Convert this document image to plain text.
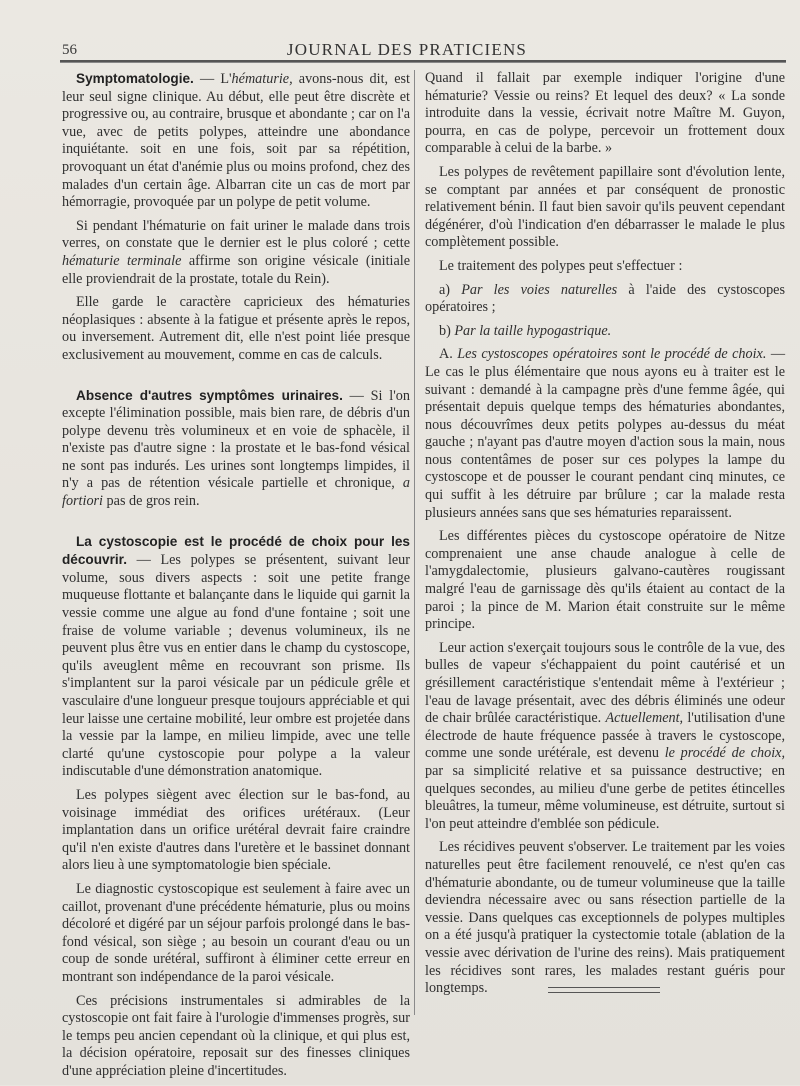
56	JOURNAL DES PRATICIENS

Symptomatologie. — L'hématurie, avons-nous dit, est leur seul signe clinique. Au début, elle peut être discrète et progressive ou, au contraire, brusque et abondante ; car on l'a vue, avec de petits polypes, atteindre une abondance inquiétante. soit en une fois, soit par sa répétition, provoquant un état d'anémie plus ou moins profond, chez des malades d'un certain âge. Albarran cite un cas de mort par hémorragie, provoquée par un polype de petit volume.

Si pendant l'hématurie on fait uriner le malade dans trois verres, on constate que le dernier est le plus coloré ; cette hématurie terminale affirme son origine vésicale (initiale elle proviendrait de la prostate, totale du Rein).

Elle garde le caractère capricieux des hématuries néoplasiques : absente à la fatigue et présente après le repos, ou inversement. Autrement dit, elle n'est point liée presque exclusivement au mouvement, comme en cas de calculs.

Absence d'autres symptômes urinaires. — Si l'on excepte l'élimination possible, mais bien rare, de débris d'un polype devenu très volumineux et en voie de sphacèle, il n'existe pas d'autre signe : la prostate et le bas-fond vésical ne sont pas indurés. Les urines sont longtemps limpides, il n'y a pas de rétention vésicale partielle et chronique, a fortiori pas de gros rein.

La cystoscopie est le procédé de choix pour les découvrir. — Les polypes se présentent, suivant leur volume, sous divers aspects : soit une petite frange muqueuse flottante et balançante dans le liquide qui garnit la vessie comme une algue au fond d'une fontaine ; soit une fraise de volume variable ; devenus volumineux, ils ne peuvent plus être vus en entier dans le champ du cystoscope, qu'ils aveuglent même en recouvrant son prisme. Ils s'implantent sur la paroi vésicale par un pédicule grêle et vasculaire d'une longueur presque toujours appréciable et qui leur laisse une certaine mobilité, leur ombre est projetée dans la vessie par la lampe, en milieu limpide, avec une telle clarté qu'une cystoscopie pour polype a la valeur indiscutable d'une démonstration anatomique.

Les polypes siègent avec élection sur le bas-fond, au voisinage immédiat des orifices urétéraux. (Leur implantation dans un orifice urétéral devrait faire craindre qu'il n'en existe d'autres dans l'uretère et le bassinet donnant alors lieu à une symptomatologie bien spéciale.

Le diagnostic cystoscopique est seulement à faire avec un caillot, provenant d'une précédente hématurie, plus ou moins décoloré et digéré par un séjour parfois prolongé dans le bas-fond vésical, son siège ; au besoin un courant d'eau ou un coup de sonde urétéral, suffiront à éliminer cette erreur en montrant son indépendance de la paroi vésicale.

Ces précisions instrumentales si admirables de la cystoscopie ont fait faire à l'urologie d'immenses progrès, sur le temps peu ancien cependant où la clinique, et qui plus est, la décision opératoire, reposait sur des finesses cliniques d'une appréciation pleine d'incertitudes.

Quand il fallait par exemple indiquer l'origine d'une hématurie? Vessie ou reins? Et lequel des deux? « La sonde introduite dans la vessie, écrivait notre Maître M. Guyon, pourra, en cas de polype, percevoir un frottement doux comparable à celui de la barbe. »

Les polypes de revêtement papillaire sont d'évolution lente, se comptant par années et par conséquent de pronostic relativement bénin. Il faut bien savoir qu'ils peuvent cependant dégénérer, d'où l'indication d'en débarrasser le malade le plus complètement possible.

Le traitement des polypes peut s'effectuer :

a) Par les voies naturelles à l'aide des cystoscopes opératoires ;

b) Par la taille hypogastrique.

A. Les cystoscopes opératoires sont le procédé de choix. — Le cas le plus élémentaire que nous ayons eu à traiter est le suivant : demandé à la campagne près d'une femme âgée, qui présentait depuis quelque temps des hématuries abondantes, nous découvrîmes deux petits polypes au-dessus du méat gauche ; n'ayant pas d'autre moyen d'action sous la main, nous nous contentâmes de poser sur ces polypes la lampe du cystoscope et de pousser le courant pendant cinq minutes, ce qui suffit à les détruire par brûlure ; car la malade resta plusieurs années sans que ses hématuries reparaissent.

Les différentes pièces du cystoscope opératoire de Nitze comprenaient une anse chaude analogue à celle de l'amygdalectomie, plusieurs galvano-cautères rougissant malgré l'eau de garnissage dès qu'ils étaient au contact de la paroi ; la pince de M. Marion était construite sur le même principe.

Leur action s'exerçait toujours sous le contrôle de la vue, des bulles de vapeur s'échappaient du point cautérisé et un grésillement caractéristique s'entendait même à l'extérieur ; l'eau de lavage présentait, avec des débris éliminés une odeur de chair brûlée caractéristique. Actuellement, l'utilisation d'une électrode de haute fréquence passée à travers le cystoscope, comme une sonde urétérale, est devenu le procédé de choix, par sa simplicité relative et sa puissance destructive; en quelques secondes, au milieu d'une gerbe de petites étincelles bleuâtres, la tumeur, même volumineuse, est détruite, surtout si l'on peut atteindre d'emblée son pédicule.

Les récidives peuvent s'observer. Le traitement par les voies naturelles peut être facilement renouvelé, ce n'est qu'en cas d'hématurie abondante, ou de tumeur volumineuse que la taille deviendra nécessaire avec ou sans résection partielle de la vessie. Dans quelques cas exceptionnels de polypes multiples on a été jusqu'à pratiquer la cystectomie totale (ablation de la vessie avec dérivation de l'urine des reins). Mais pratiquement les récidives sont rares, les malades restant guéris pour longtemps.
